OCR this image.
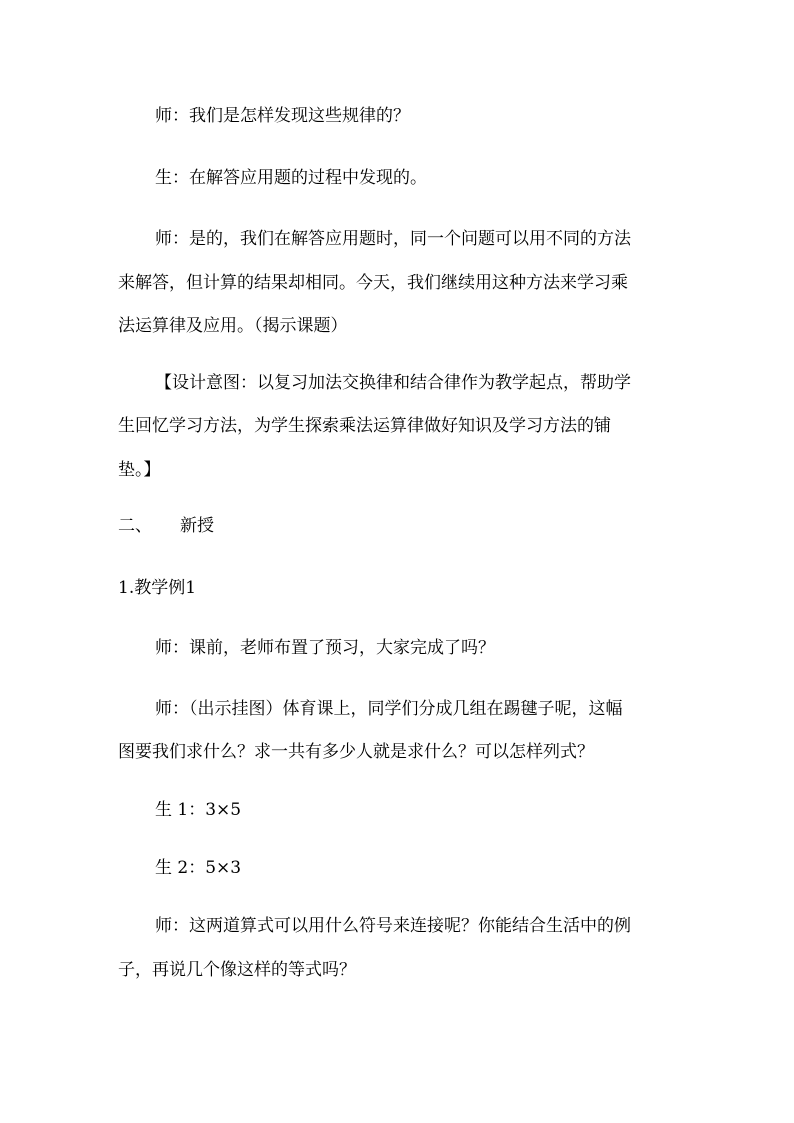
师：我们是怎样发现这些规律的？

生：在解答应用题的过程中发现的。

师：是的，我们在解答应用题时，同一个问题可以用不同的方法

来解答，但计算的结果却相同。今天，我们继续用这种方法来学习乘

法运算律及应用。（揭示课题）

【设计意图：以复习加法交换律和结合律作为教学起点，帮助学

生回忆学习方法，为学生探索乘法运算律做好知识及学习方法的铺

垫。】

二、 新授

1.教学例1

师：课前，老师布置了预习，大家完成了吗？

师：（出示挂图）体育课上，同学们分成几组在踢毽子呢，这幅

图要我们求什么？求一共有多少人就是求什么？可以怎样列式？

生 1：3×5

生 2：5×3

师：这两道算式可以用什么符号来连接呢？你能结合生活中的例

子，再说几个像这样的等式吗？
